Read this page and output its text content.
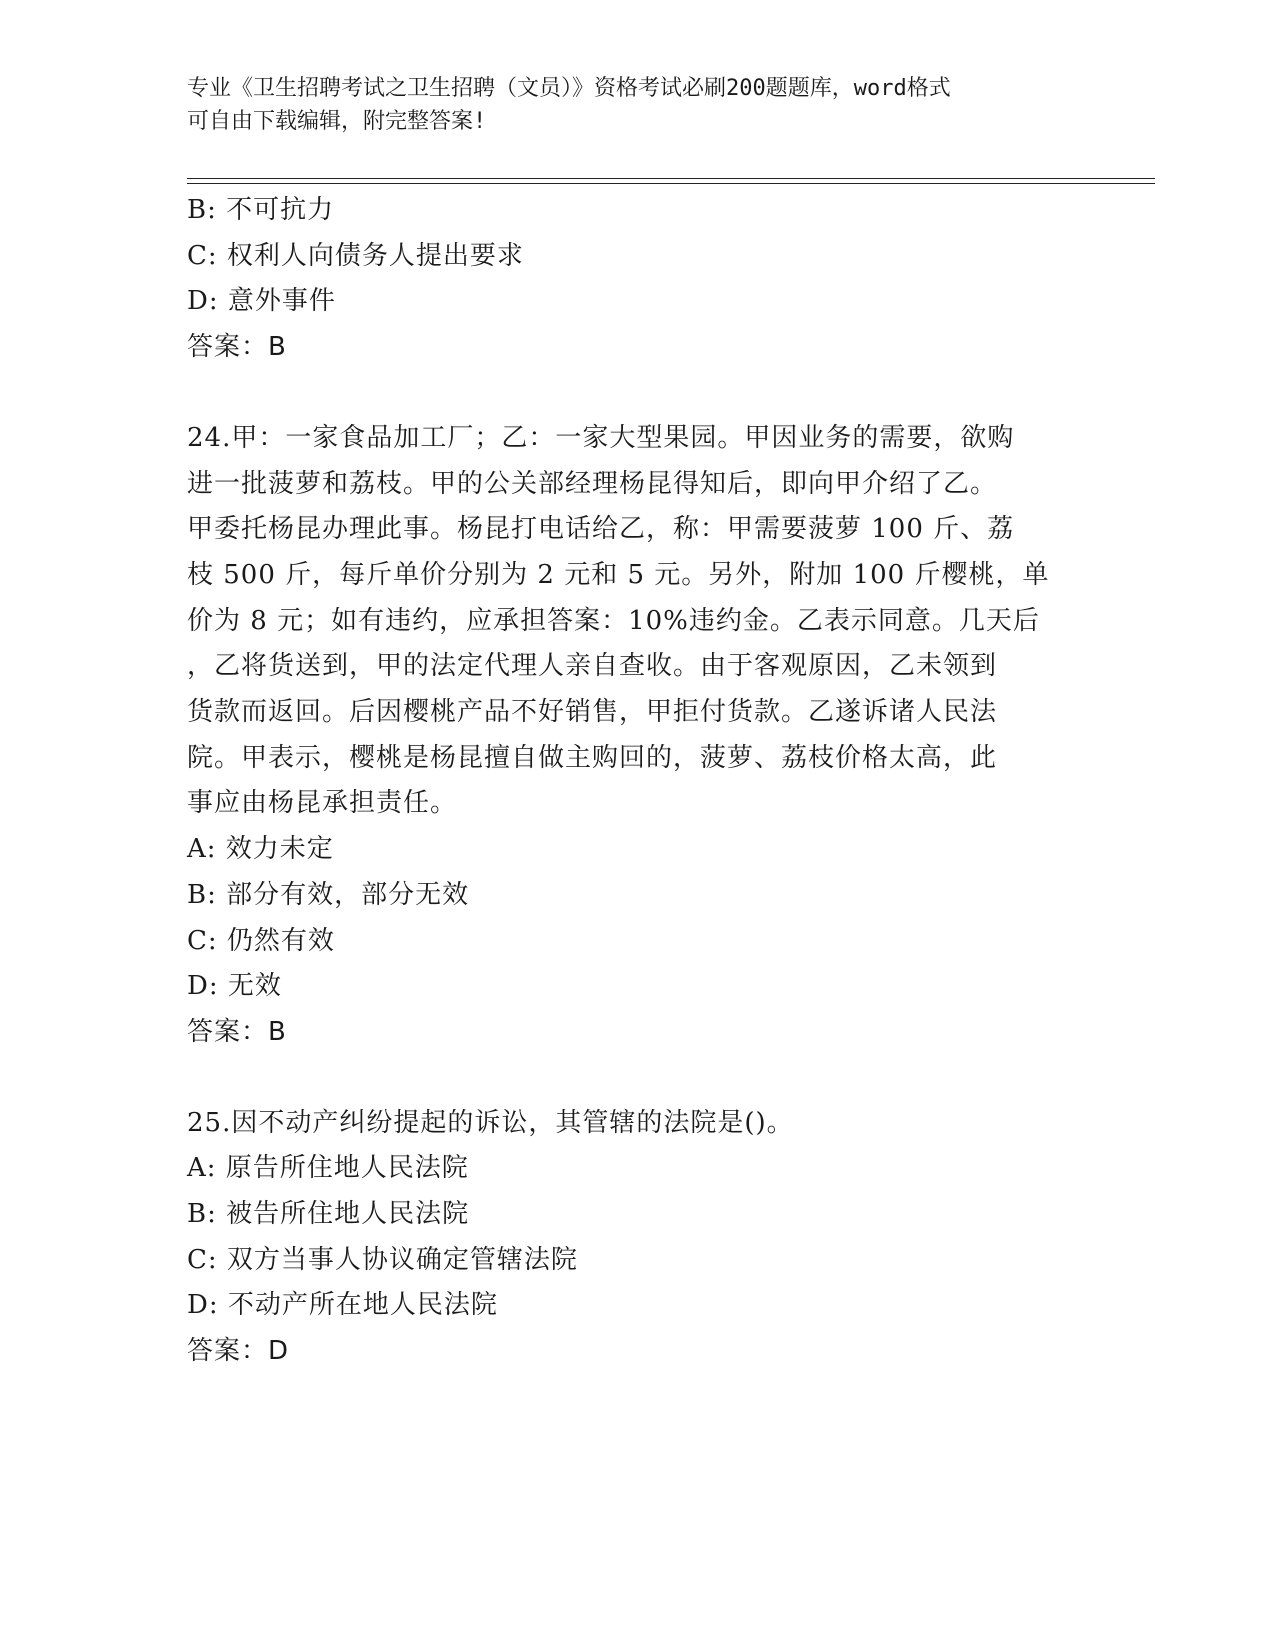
专业《卫生招聘考试之卫生招聘（文员）》资格考试必刷200题题库，word格式
可自由下载编辑，附完整答案!
B: 不可抗力
C: 权利人向债务人提出要求
D: 意外事件
答案：B
24.甲：一家食品加工厂；乙：一家大型果园。甲因业务的需要，欲购
进一批菠萝和荔枝。甲的公关部经理杨昆得知后，即向甲介绍了乙。
甲委托杨昆办理此事。杨昆打电话给乙，称：甲需要菠萝 100 斤、荔
枝 500 斤，每斤单价分别为 2 元和 5 元。另外，附加 100 斤樱桃，单
价为 8 元；如有违约，应承担答案：10%违约金。乙表示同意。几天后
，乙将货送到，甲的法定代理人亲自查收。由于客观原因，乙未领到
货款而返回。后因樱桃产品不好销售，甲拒付货款。乙遂诉诸人民法
院。甲表示，樱桃是杨昆擅自做主购回的，菠萝、荔枝价格太高，此
事应由杨昆承担责任。
A: 效力未定
B: 部分有效，部分无效
C: 仍然有效
D: 无效
答案：B
25.因不动产纠纷提起的诉讼，其管辖的法院是()。
A: 原告所住地人民法院
B: 被告所住地人民法院
C: 双方当事人协议确定管辖法院
D: 不动产所在地人民法院
答案：D
